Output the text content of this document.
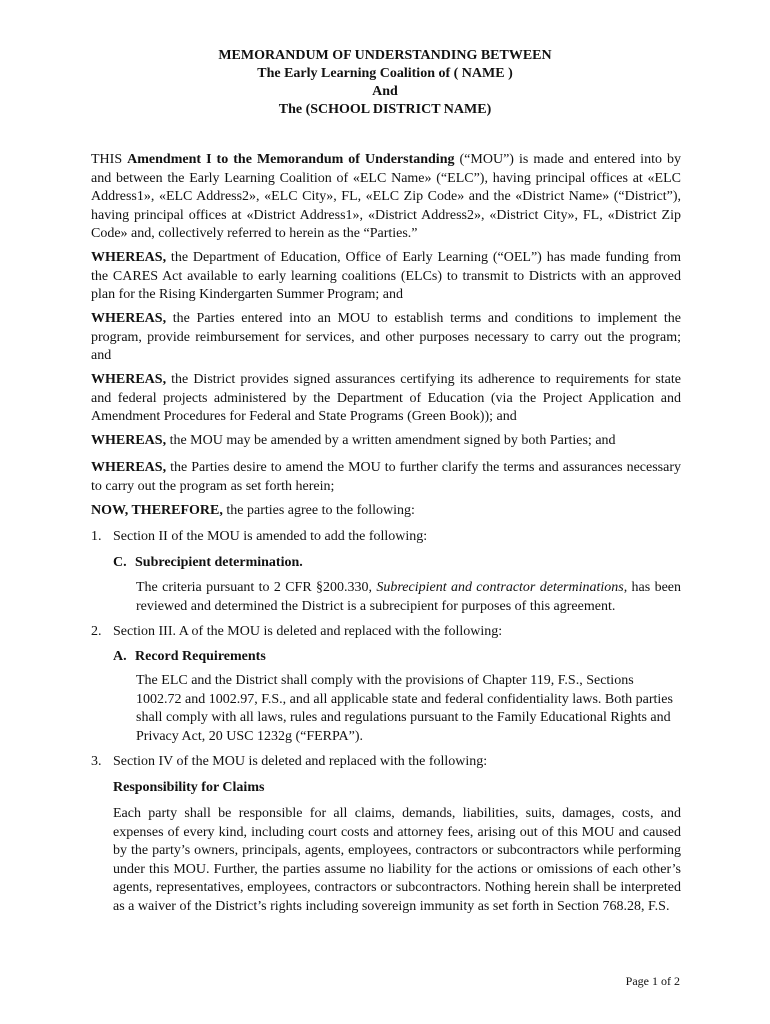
MEMORANDUM OF UNDERSTANDING BETWEEN
The Early Learning Coalition of ( NAME )
And
The (SCHOOL DISTRICT NAME)
THIS Amendment I to the Memorandum of Understanding (“MOU”) is made and entered into by and between the Early Learning Coalition of «ELC Name» (“ELC”), having principal offices at «ELC Address1», «ELC Address2», «ELC City», FL, «ELC Zip Code» and the «District Name» (“District”), having principal offices at «District Address1», «District Address2», «District City», FL, «District Zip Code» and, collectively referred to herein as the “Parties.”
WHEREAS, the Department of Education, Office of Early Learning (“OEL”) has made funding from the CARES Act available to early learning coalitions (ELCs) to transmit to Districts with an approved plan for the Rising Kindergarten Summer Program; and
WHEREAS, the Parties entered into an MOU to establish terms and conditions to implement the program, provide reimbursement for services, and other purposes necessary to carry out the program; and
WHEREAS, the District provides signed assurances certifying its adherence to requirements for state and federal projects administered by the Department of Education (via the Project Application and Amendment Procedures for Federal and State Programs (Green Book)); and
WHEREAS, the MOU may be amended by a written amendment signed by both Parties; and
WHEREAS, the Parties desire to amend the MOU to further clarify the terms and assurances necessary to carry out the program as set forth herein;
NOW, THEREFORE, the parties agree to the following:
1. Section II of the MOU is amended to add the following:
C. Subrecipient determination.
The criteria pursuant to 2 CFR §200.330, Subrecipient and contractor determinations, has been reviewed and determined the District is a subrecipient for purposes of this agreement.
2. Section III. A of the MOU is deleted and replaced with the following:
A. Record Requirements
The ELC and the District shall comply with the provisions of Chapter 119, F.S., Sections 1002.72 and 1002.97, F.S., and all applicable state and federal confidentiality laws. Both parties shall comply with all laws, rules and regulations pursuant to the Family Educational Rights and Privacy Act, 20 USC 1232g (“FERPA”).
3. Section IV of the MOU is deleted and replaced with the following:
Responsibility for Claims
Each party shall be responsible for all claims, demands, liabilities, suits, damages, costs, and expenses of every kind, including court costs and attorney fees, arising out of this MOU and caused by the party’s owners, principals, agents, employees, contractors or subcontractors while performing under this MOU. Further, the parties assume no liability for the actions or omissions of each other’s agents, representatives, employees, contractors or subcontractors. Nothing herein shall be interpreted as a waiver of the District’s rights including sovereign immunity as set forth in Section 768.28, F.S.
Page 1 of 2
